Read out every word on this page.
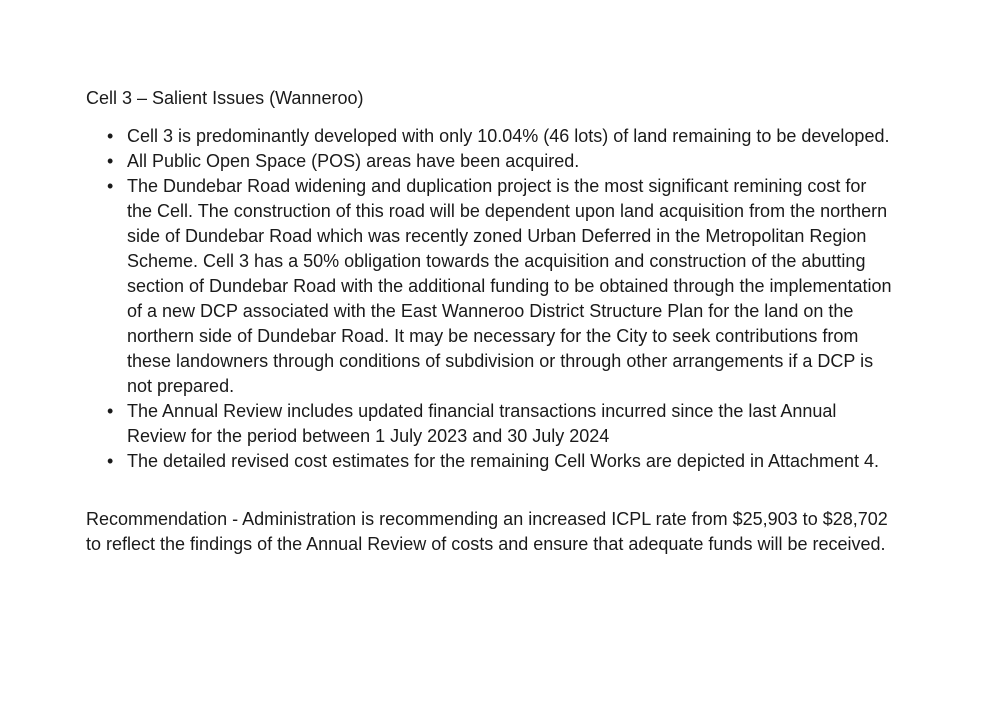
Cell 3 – Salient Issues (Wanneroo)
• Cell 3 is predominantly developed with only 10.04% (46 lots) of land remaining to be developed.
• All Public Open Space (POS) areas have been acquired.
• The Dundebar Road widening and duplication project is the most significant remining cost for the Cell. The construction of this road will be dependent upon land acquisition from the northern side of Dundebar Road which was recently zoned Urban Deferred in the Metropolitan Region Scheme. Cell 3 has a 50% obligation towards the acquisition and construction of the abutting section of Dundebar Road with the additional funding to be obtained through the implementation of a new DCP associated with the East Wanneroo District Structure Plan for the land on the northern side of Dundebar Road. It may be necessary for the City to seek contributions from these landowners through conditions of subdivision or through other arrangements if a DCP is not prepared.
• The Annual Review includes updated financial transactions incurred since the last Annual Review for the period between 1 July 2023 and 30 July 2024
• The detailed revised cost estimates for the remaining Cell Works are depicted in Attachment 4.

Recommendation - Administration is recommending an increased ICPL rate from $25,903 to $28,702 to reflect the findings of the Annual Review of costs and ensure that adequate funds will be received.
